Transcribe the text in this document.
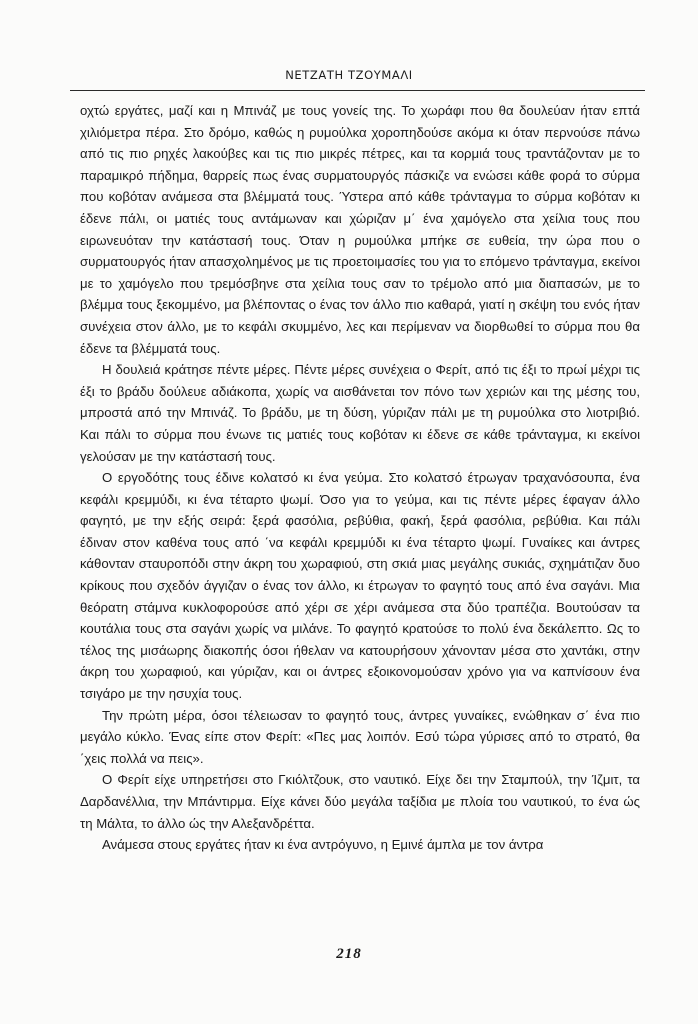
ΝΕΤΖΑΤΗ ΤΖΟΥΜΑΛΙ

οχτώ εργάτες, μαζί και η Μπινάζ με τους γονείς της. Το χωράφι που θα δουλεύαν ήταν επτά χιλιόμετρα πέρα. Στο δρόμο, καθώς η ρυμούλκα χοροπηδούσε ακόμα κι όταν περνούσε πάνω από τις πιο ρηχές λακούβες και τις πιο μικρές πέτρες, και τα κορμιά τους τραντάζονταν με το παραμικρό πήδημα, θαρρείς πως ένας συρματουργός πάσκιζε να ενώσει κάθε φορά το σύρμα που κοβόταν ανάμεσα στα βλέμματά τους. Ύστερα από κάθε τράνταγμα το σύρμα κοβόταν κι έδενε πάλι, οι ματιές τους αντάμωναν και χώριζαν μ΄ ένα χαμόγελο στα χείλια τους που ειρωνευόταν την κατάστασή τους. Όταν η ρυμούλκα μπήκε σε ευθεία, την ώρα που ο συρματουργός ήταν απασχολημένος με τις προετοιμασίες του για το επόμενο τράνταγμα, εκείνοι με το χαμόγελο που τρεμόσβηνε στα χείλια τους σαν το τρέμολο από μια διαπασών, με το βλέμμα τους ξεκομμένο, μα βλέποντας ο ένας τον άλλο πιο καθαρά, γιατί η σκέψη του ενός ήταν συνέχεια στον άλλο, με το κεφάλι σκυμμένο, λες και περίμεναν να διορθωθεί το σύρμα που θα έδενε τα βλέμματά τους.

Η δουλειά κράτησε πέντε μέρες. Πέντε μέρες συνέχεια ο Φερίτ, από τις έξι το πρωί μέχρι τις έξι το βράδυ δούλευε αδιάκοπα, χωρίς να αισθάνεται τον πόνο των χεριών και της μέσης του, μπροστά από την Μπινάζ. Το βράδυ, με τη δύση, γύριζαν πάλι με τη ρυμούλκα στο λιοτριβιό. Και πάλι το σύρμα που ένωνε τις ματιές τους κοβόταν κι έδενε σε κάθε τράνταγμα, κι εκείνοι γελούσαν με την κατάστασή τους.

Ο εργοδότης τους έδινε κολατσό κι ένα γεύμα. Στο κολατσό έτρωγαν τραχανόσουπα, ένα κεφάλι κρεμμύδι, κι ένα τέταρτο ψωμί. Όσο για το γεύμα, και τις πέντε μέρες έφαγαν άλλο φαγητό, με την εξής σειρά: ξερά φασόλια, ρεβύθια, φακή, ξερά φασόλια, ρεβύθια. Και πάλι έδιναν στον καθένα τους από ΄να κεφάλι κρεμμύδι κι ένα τέταρτο ψωμί. Γυναίκες και άντρες κάθονταν σταυροπόδι στην άκρη του χωραφιού, στη σκιά μιας μεγάλης συκιάς, σχημάτιζαν δυο κρίκους που σχεδόν άγγιζαν ο ένας τον άλλο, κι έτρωγαν το φαγητό τους από ένα σαγάνι. Μια θεόρατη στάμνα κυκλοφορούσε από χέρι σε χέρι ανάμεσα στα δύο τραπέζια. Βουτούσαν τα κουτάλια τους στα σαγάνι χωρίς να μιλάνε. Το φαγητό κρατούσε το πολύ ένα δεκάλεπτο. Ως το τέλος της μισάωρης διακοπής όσοι ήθελαν να κατουρήσουν χάνονταν μέσα στο χαντάκι, στην άκρη του χωραφιού, και γύριζαν, και οι άντρες εξοικονομούσαν χρόνο για να καπνίσουν ένα τσιγάρο με την ησυχία τους.

Την πρώτη μέρα, όσοι τέλειωσαν το φαγητό τους, άντρες γυναίκες, ενώθηκαν σ΄ ένα πιο μεγάλο κύκλο. Ένας είπε στον Φερίτ: «Πες μας λοιπόν. Εσύ τώρα γύρισες από το στρατό, θα ΄χεις πολλά να πεις».

Ο Φερίτ είχε υπηρετήσει στο Γκιόλτζουκ, στο ναυτικό. Είχε δει την Σταμπούλ, την Ίζμιτ, τα Δαρδανέλλια, την Μπάντιρμα. Είχε κάνει δύο μεγάλα ταξίδια με πλοία του ναυτικού, το ένα ώς τη Μάλτα, το άλλο ώς την Αλεξανδρέττα.

Ανάμεσα στους εργάτες ήταν κι ένα αντρόγυνο, η Εμινέ άμπλα με τον άντρα

218
